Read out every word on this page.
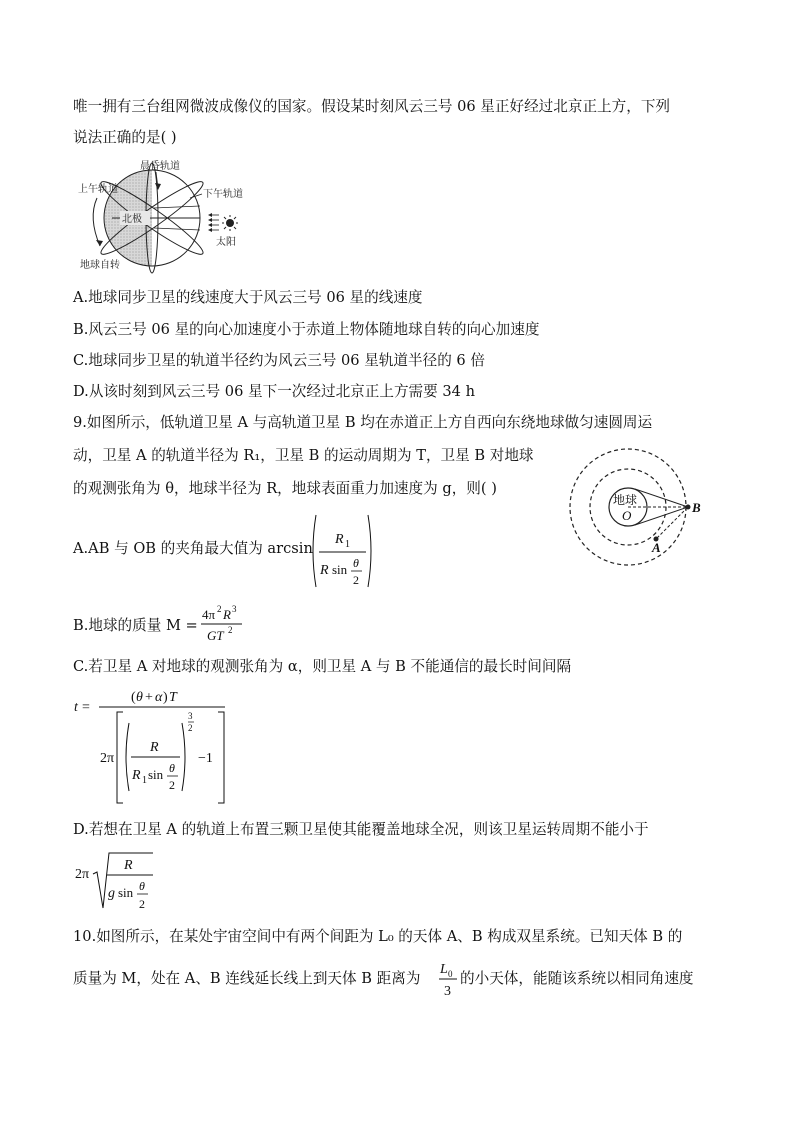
唯一拥有三台组网微波成像仪的国家。假设某时刻风云三号 06 星正好经过北京正上方，下列
说法正确的是( )
北极
晨昏轨道
上午轨道	下午轨道
太阳
地球自转
A.地球同步卫星的线速度大于风云三号 06 星的线速度
B.风云三号 06 星的向心加速度小于赤道上物体随地球自转的向心加速度
C.地球同步卫星的轨道半径约为风云三号 06 星轨道半径的 6 倍
D.从该时刻到风云三号 06 星下一次经过北京正上方需要 34 h
9.如图所示，低轨道卫星 A 与高轨道卫星 B 均在赤道正上方自西向东绕地球做匀速圆周运
动，卫星 A 的轨道半径为 R₁，卫星 B 的运动周期为 T，卫星 B 对地球
的观测张角为 θ，地球半径为 R，地球表面重力加速度为 g，则( )
地球
O
B
A
A.AB 与 OB 的夹角最大值为 arcsin
R 1
R sin θ
2
B.地球的质量 M =
4π 2 R 3
GT 2
C.若卫星 A 对地球的观测张角为 α，则卫星 A 与 B 不能通信的最长时间间隔
t =
( θ + α ) T
2π
R
R 1 sin θ
2
3
2
−1
D.若想在卫星 A 的轨道上布置三颗卫星使其能覆盖地球全况，则该卫星运转周期不能小于
2π
R
g sin θ
2
10.如图所示，在某处宇宙空间中有两个间距为 L₀ 的天体 A、B 构成双星系统。已知天体 B 的
质量为 M，处在 A、B 连线延长线上到天体 B 距离为
L 0
3
的小天体，能随该系统以相同角速度
